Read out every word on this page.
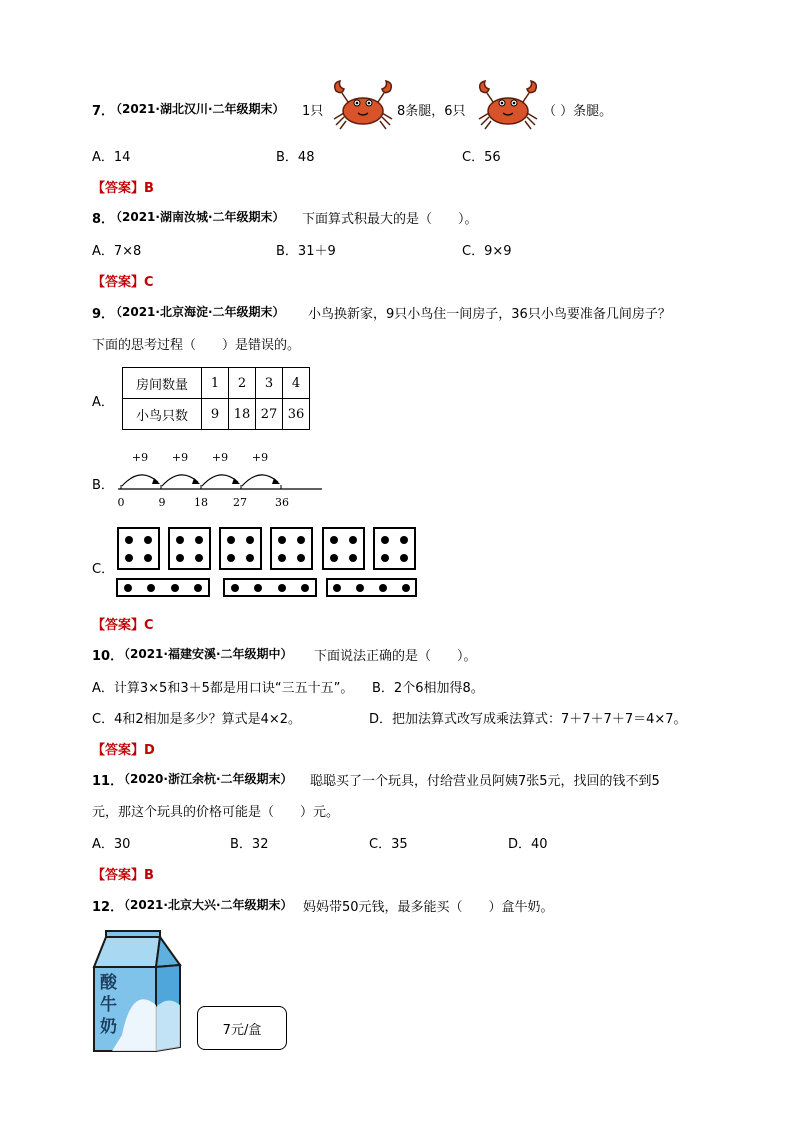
7．
（2021·湖北汉川·二年级期末） 1只	8条腿，6只	（ ）条腿。
A．14	B．48	C．56
【答案】B
8．
（2021·湖南汝城·二年级期末） 下面算式积最大的是（　　）。
A．7×8	B．31＋9	C．9×9
【答案】C
9．
（2021·北京海淀·二年级期末） 小鸟换新家，9只小鸟住一间房子，36只小鸟要准备几间房子？
下面的思考过程（　　）是错误的。
A．
房间数量	1	2	3	4
小鸟只数	9	18	27	36
B．
+9 +9 +9 +9
0	9	18 27	36
C．
【答案】C
10．
（2021·福建安溪·二年级期中） 下面说法正确的是（　　）。
A．计算3×5和3＋5都是用口诀“三五十五”。 B．2个6相加得8。
C．4和2相加是多少？算式是4×2。	D．把加法算式改写成乘法算式：7＋7＋7＋7＝4×7。
【答案】D
11．
（2020·浙江余杭·二年级期末） 聪聪买了一个玩具，付给营业员阿姨7张5元，找回的钱不到5
元，那这个玩具的价格可能是（　　）元。
A．30	B．32	C．35	D．40
【答案】B
12．
（2021·北京大兴·二年级期末） 妈妈带50元钱，最多能买（　　）盒牛奶。
酸
牛
奶	7元/盒
